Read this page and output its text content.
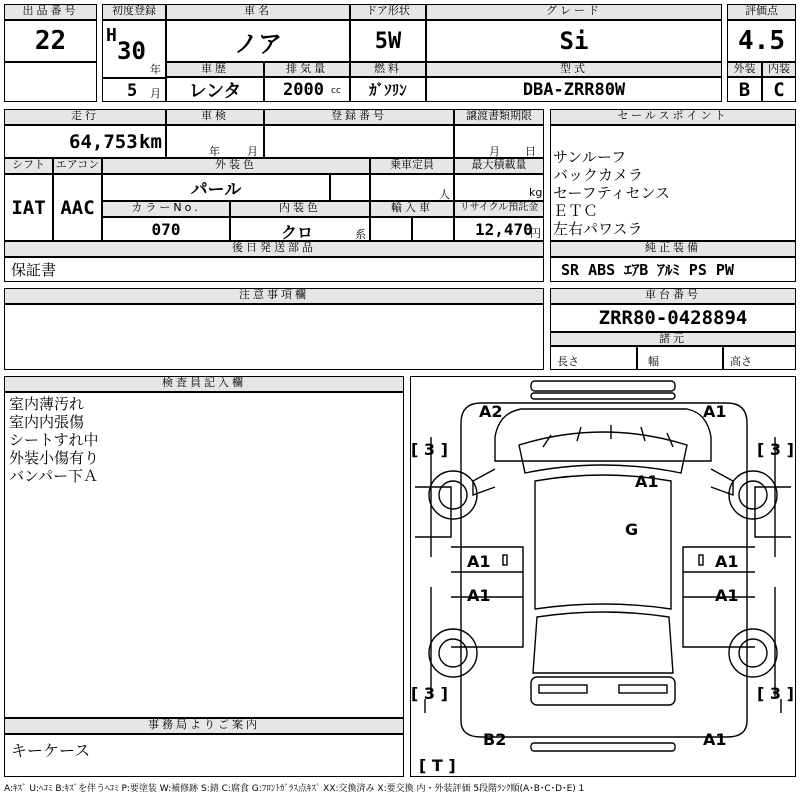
出品番号
22
初度登録
H
30
年
5 月
車名
ノア
ドア形状
5W
グレード
Si
評価点
4.5
車歴
レンタ
排気量
2000 cc
燃料
ｶﾞｿﾘﾝ
型式
DBA-ZRR80W
外装	内装
B	C
走行
64,753 km
車検
年 月
登録番号	譲渡書類期限
月 日
シフト エアコン
IAT AAC
外装色
パール
乗車定員
人
最大積載量
kg
カラーNo.
070
内装色
クロ	系
輸入車	リサイクル預託金
12,470
円
後日発送部品
保証書
セールスポイント
サンルーフ
バックカメラ
セーフティセンス
ＥＴＣ
左右パワスラ
純正装備
SR ABS ｴｱB ｱﾙﾐ PS PW
注意事項欄	車台番号
ZRR80-0428894
諸元
長さ	幅	高さ
検査員記入欄
室内薄汚れ
室内内張傷
シートすれ中
外装小傷有り
バンパー下Ａ
事務局よりご案内
キーケース
A2	A1
A1
G
A1
A1
A1
A1
B2	A1
[ 3 ]	[ 3 ]
[ 3 ]	[ 3 ]
[ T ]
A:ｷｽﾞ U:ﾍｺﾐ B:ｷｽﾞを伴うﾍｺﾐ P:要塗装 W:補修跡 S:錆 C:腐食 G:ﾌﾛﾝﾄｶﾞﾗｽ点ｷｽﾞ XX:交換済み X:要交換 内・外装評価 5段階ﾗﾝｸ順(A･B･C･D･E) 1
